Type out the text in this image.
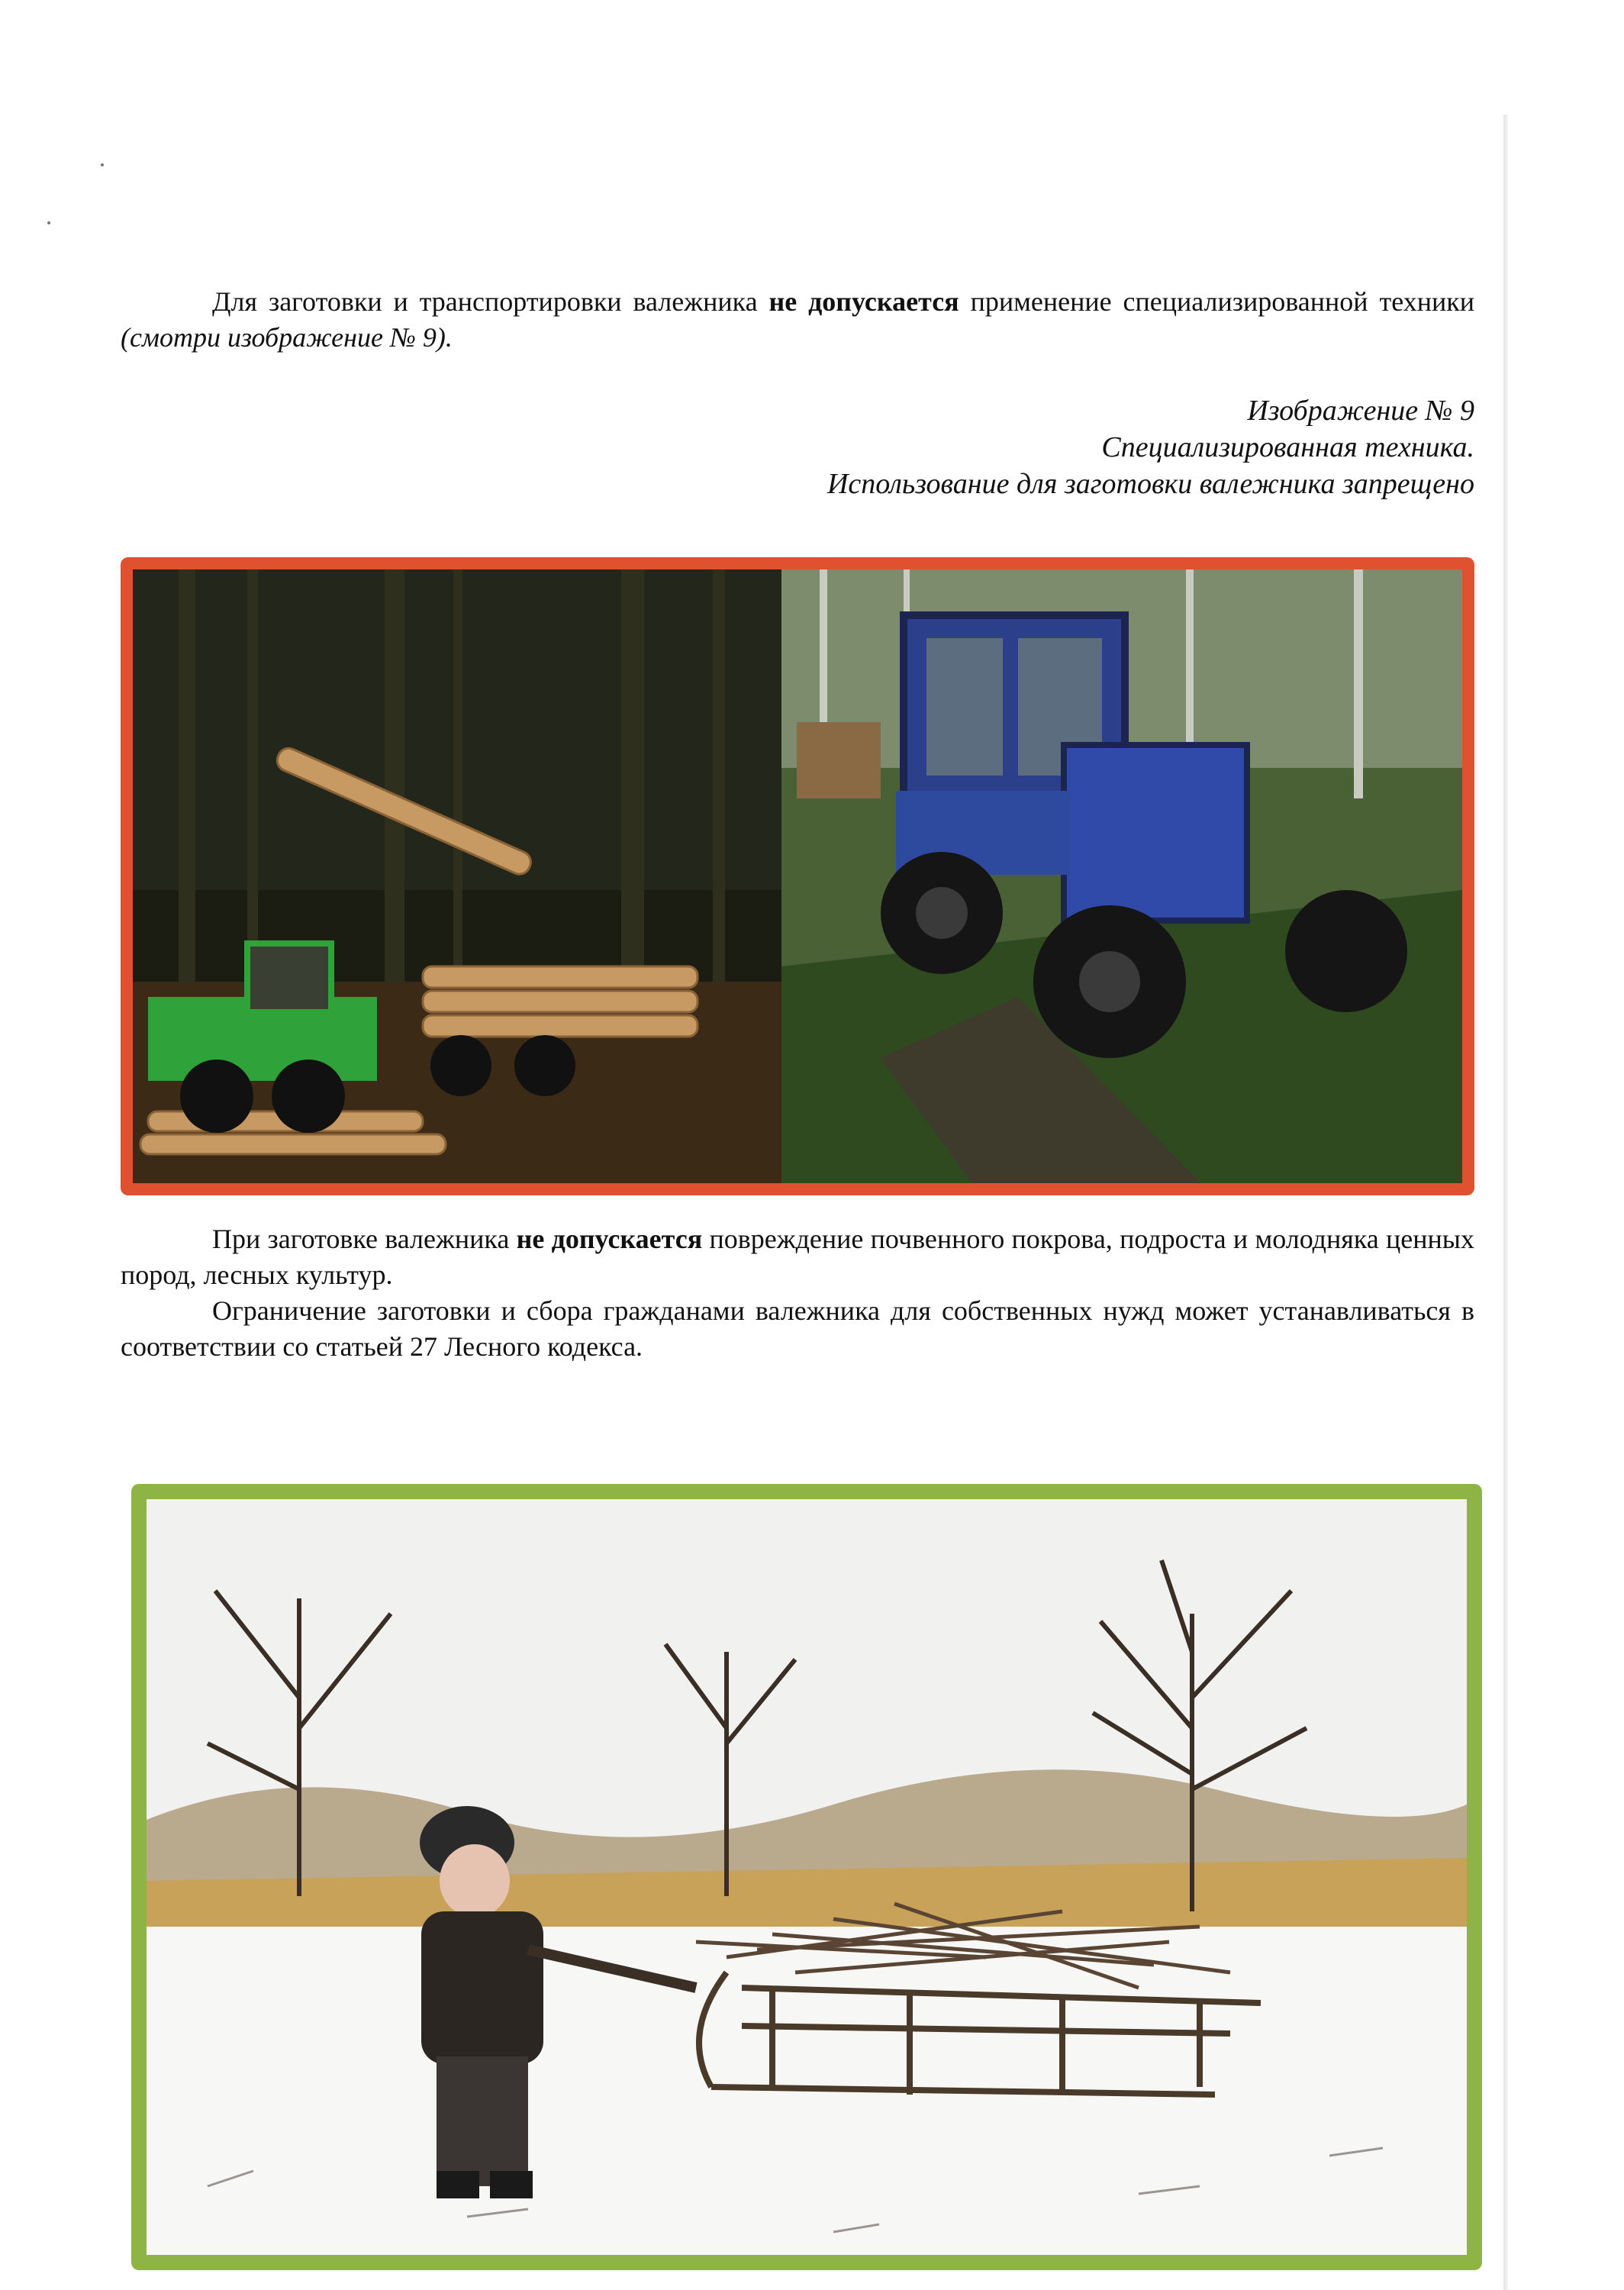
Для заготовки и транспортировки валежника не допускается применение специализированной техники (смотри изображение № 9).

Изображение № 9
Специализированная техника.
Использование для заготовки валежника запрещено

При заготовке валежника не допускается повреждение почвенного покрова, подроста и молодняка ценных пород, лесных культур.

Ограничение заготовки и сбора гражданами валежника для собственных нужд может устанавливаться в соответствии со статьей 27 Лесного кодекса.
